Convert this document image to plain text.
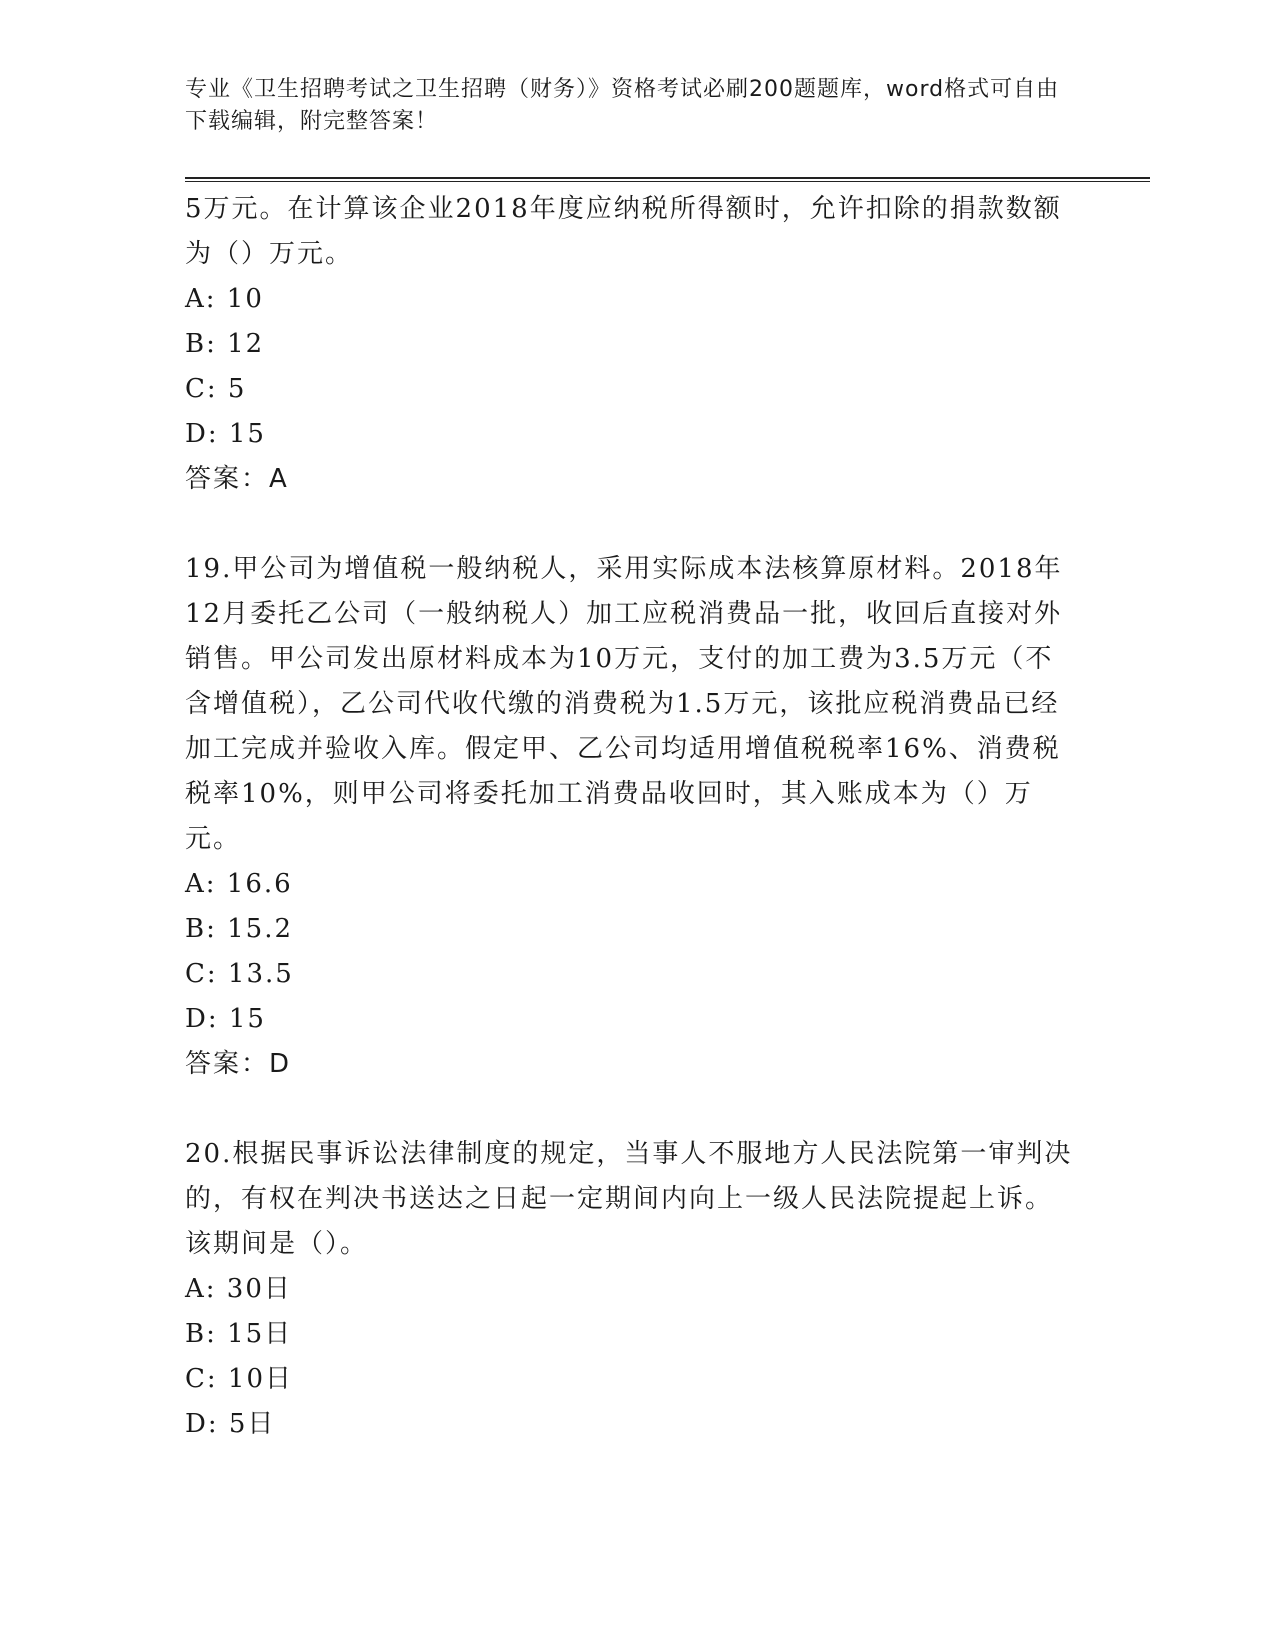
专业《卫生招聘考试之卫生招聘（财务）》资格考试必刷200题题库，word格式可自由下载编辑，附完整答案！

5万元。在计算该企业2018年度应纳税所得额时，允许扣除的捐款数额为（）万元。

A: 10

B: 12

C: 5

D: 15

答案：A

19.甲公司为增值税一般纳税人，采用实际成本法核算原材料。2018年12月委托乙公司（一般纳税人）加工应税消费品一批，收回后直接对外销售。甲公司发出原材料成本为10万元，支付的加工费为3.5万元（不含增值税），乙公司代收代缴的消费税为1.5万元，该批应税消费品已经加工完成并验收入库。假定甲、乙公司均适用增值税税率16%、消费税税率10%，则甲公司将委托加工消费品收回时，其入账成本为（）万元。

A: 16.6

B: 15.2

C: 13.5

D: 15

答案：D

20.根据民事诉讼法律制度的规定，当事人不服地方人民法院第一审判决的，有权在判决书送达之日起一定期间内向上一级人民法院提起上诉。该期间是（）。

A: 30日

B: 15日

C: 10日

D: 5日
